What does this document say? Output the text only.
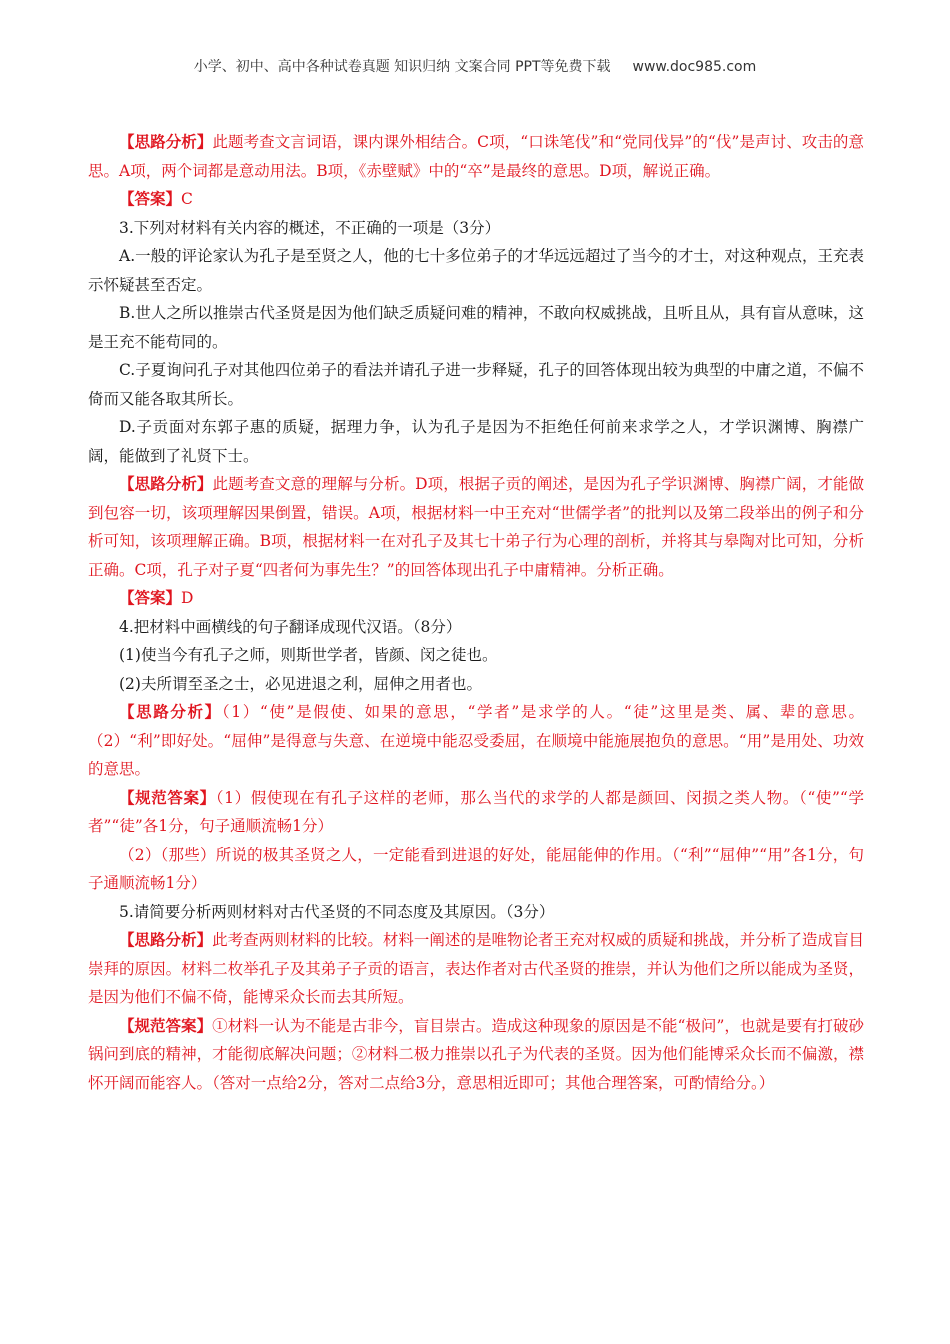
小学、初中、高中各种试卷真题 知识归纳 文案合同 PPT等免费下载 www.doc985.com

【思路分析】此题考查文言词语，课内课外相结合。C项，“口诛笔伐”和“党同伐异”的“伐”是声讨、攻击的意思。A项，两个词都是意动用法。B项，《赤壁赋》中的“卒”是最终的意思。D项，解说正确。

【答案】C

3.下列对材料有关内容的概述，不正确的一项是（3分）

A.一般的评论家认为孔子是至贤之人，他的七十多位弟子的才华远远超过了当今的才士，对这种观点，王充表示怀疑甚至否定。

B.世人之所以推崇古代圣贤是因为他们缺乏质疑问难的精神，不敢向权威挑战，且听且从，具有盲从意味，这是王充不能苟同的。

C.子夏询问孔子对其他四位弟子的看法并请孔子进一步释疑，孔子的回答体现出较为典型的中庸之道，不偏不倚而又能各取其所长。

D.子贡面对东郭子惠的质疑，据理力争，认为孔子是因为不拒绝任何前来求学之人，才学识渊博、胸襟广阔，能做到了礼贤下士。

【思路分析】此题考查文意的理解与分析。D项，根据子贡的阐述，是因为孔子学识渊博、胸襟广阔，才能做到包容一切，该项理解因果倒置，错误。A项，根据材料一中王充对“世儒学者”的批判以及第二段举出的例子和分析可知，该项理解正确。B项，根据材料一在对孔子及其七十弟子行为心理的剖析，并将其与皋陶对比可知，分析正确。C项，孔子对子夏“四者何为事先生？”的回答体现出孔子中庸精神。分析正确。

【答案】D

4.把材料中画横线的句子翻译成现代汉语。（8分）

(1)使当今有孔子之师，则斯世学者，皆颜、闵之徒也。

(2)夫所谓至圣之士，必见进退之利，屈伸之用者也。

【思路分析】（1）“使”是假使、如果的意思，“学者”是求学的人。“徒”这里是类、属、辈的意思。（2）“利”即好处。“屈伸”是得意与失意、在逆境中能忍受委屈，在顺境中能施展抱负的意思。“用”是用处、功效的意思。

【规范答案】（1）假使现在有孔子这样的老师，那么当代的求学的人都是颜回、闵损之类人物。（“使”“学者”“徒”各1分，句子通顺流畅1分）

（2）（那些）所说的极其圣贤之人，一定能看到进退的好处，能屈能伸的作用。（“利”“屈伸”“用”各1分，句子通顺流畅1分）

5.请简要分析两则材料对古代圣贤的不同态度及其原因。（3分）

【思路分析】此考查两则材料的比较。材料一阐述的是唯物论者王充对权威的质疑和挑战，并分析了造成盲目崇拜的原因。材料二枚举孔子及其弟子子贡的语言，表达作者对古代圣贤的推崇，并认为他们之所以能成为圣贤，是因为他们不偏不倚，能博采众长而去其所短。

【规范答案】①材料一认为不能是古非今，盲目崇古。造成这种现象的原因是不能“极问”，也就是要有打破砂锅问到底的精神，才能彻底解决问题；②材料二极力推崇以孔子为代表的圣贤。因为他们能博采众长而不偏激，襟怀开阔而能容人。（答对一点给2分，答对二点给3分，意思相近即可；其他合理答案，可酌情给分。）
